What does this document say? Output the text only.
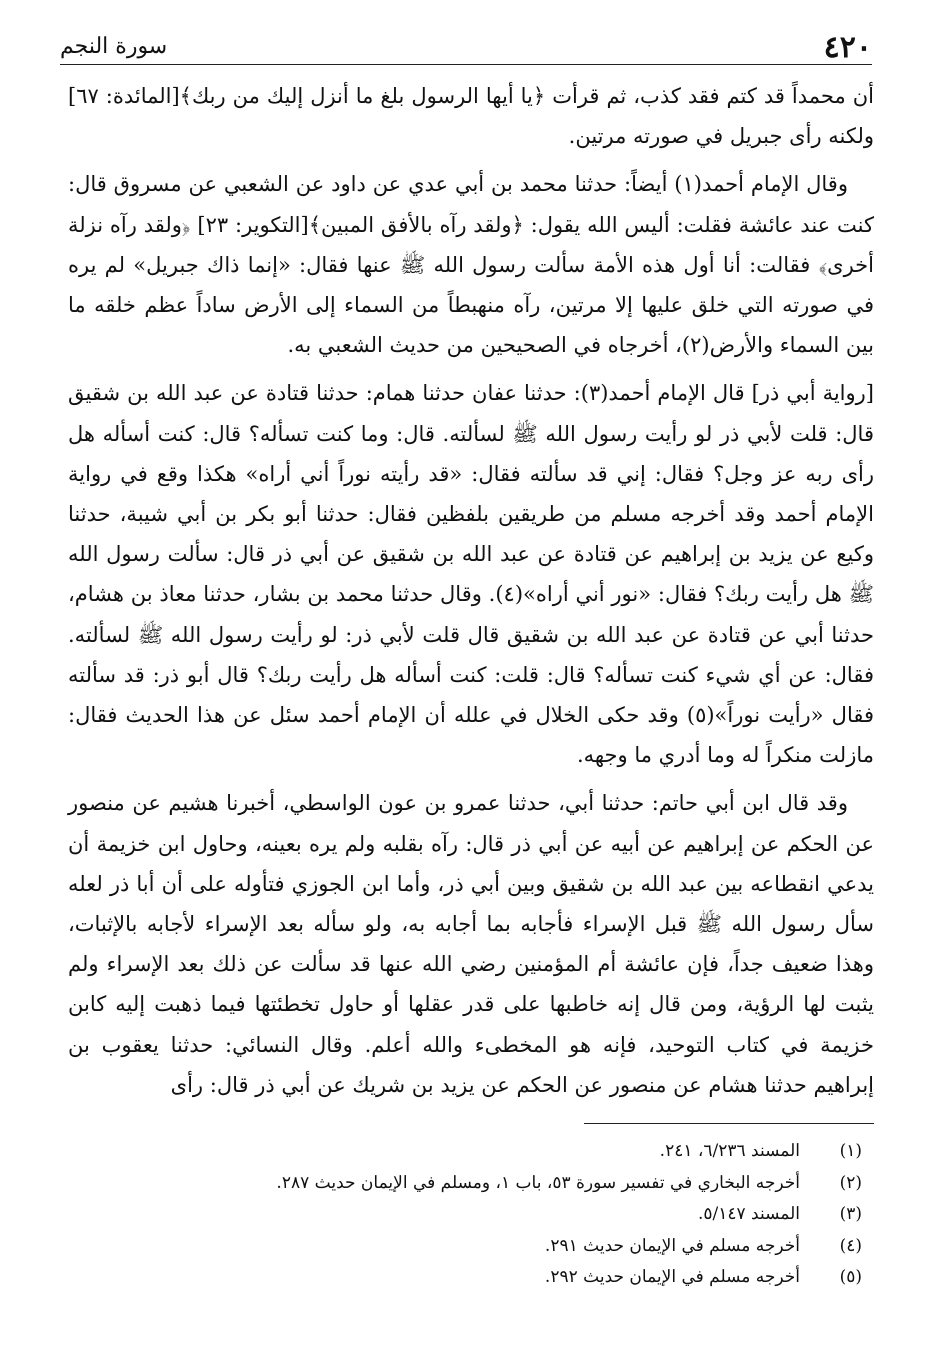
٤٢٠
سورة النجم

أن محمداً قد كتم فقد كذب، ثم قرأت ﴿يا أيها الرسول بلغ ما أنزل إليك من ربك﴾[المائدة: ٦٧] ولكنه رأى جبريل في صورته مرتين.

وقال الإمام أحمد(١) أيضاً: حدثنا محمد بن أبي عدي عن داود عن الشعبي عن مسروق قال: كنت عند عائشة فقلت: أليس الله يقول: ﴿ولقد رآه بالأفق المبين﴾[التكوير: ٢٣] ﴿ولقد رآه نزلة أخرى﴾ فقالت: أنا أول هذه الأمة سألت رسول الله ﷺ عنها فقال: «إنما ذاك جبريل» لم يره في صورته التي خلق عليها إلا مرتين، رآه منهبطاً من السماء إلى الأرض ساداً عظم خلقه ما بين السماء والأرض(٢)، أخرجاه في الصحيحين من حديث الشعبي به.

[رواية أبي ذر] قال الإمام أحمد(٣): حدثنا عفان حدثنا همام: حدثنا قتادة عن عبد الله بن شقيق قال: قلت لأبي ذر لو رأيت رسول الله ﷺ لسألته. قال: وما كنت تسأله؟ قال: كنت أسأله هل رأى ربه عز وجل؟ فقال: إني قد سألته فقال: «قد رأيته نوراً أني أراه» هكذا وقع في رواية الإمام أحمد وقد أخرجه مسلم من طريقين بلفظين فقال: حدثنا أبو بكر بن أبي شيبة، حدثنا وكيع عن يزيد بن إبراهيم عن قتادة عن عبد الله بن شقيق عن أبي ذر قال: سألت رسول الله ﷺ هل رأيت ربك؟ فقال: «نور أني أراه»(٤). وقال حدثنا محمد بن بشار، حدثنا معاذ بن هشام، حدثنا أبي عن قتادة عن عبد الله بن شقيق قال قلت لأبي ذر: لو رأيت رسول الله ﷺ لسألته. فقال: عن أي شيء كنت تسأله؟ قال: قلت: كنت أسأله هل رأيت ربك؟ قال أبو ذر: قد سألته فقال «رأيت نوراً»(٥) وقد حكى الخلال في علله أن الإمام أحمد سئل عن هذا الحديث فقال: مازلت منكراً له وما أدري ما وجهه.

وقد قال ابن أبي حاتم: حدثنا أبي، حدثنا عمرو بن عون الواسطي، أخبرنا هشيم عن منصور عن الحكم عن إبراهيم عن أبيه عن أبي ذر قال: رآه بقلبه ولم يره بعينه، وحاول ابن خزيمة أن يدعي انقطاعه بين عبد الله بن شقيق وبين أبي ذر، وأما ابن الجوزي فتأوله على أن أبا ذر لعله سأل رسول الله ﷺ قبل الإسراء فأجابه بما أجابه به، ولو سأله بعد الإسراء لأجابه بالإثبات، وهذا ضعيف جداً، فإن عائشة أم المؤمنين رضي الله عنها قد سألت عن ذلك بعد الإسراء ولم يثبت لها الرؤية، ومن قال إنه خاطبها على قدر عقلها أو حاول تخطئتها فيما ذهبت إليه كابن خزيمة في كتاب التوحيد، فإنه هو المخطىء والله أعلم. وقال النسائي: حدثنا يعقوب بن إبراهيم حدثنا هشام عن منصور عن الحكم عن يزيد بن شريك عن أبي ذر قال: رأى

(١)
المسند ٦/٢٣٦، ٢٤١.
(٢)
أخرجه البخاري في تفسير سورة ٥٣، باب ١، ومسلم في الإيمان حديث ٢٨٧.
(٣)
المسند ٥/١٤٧.
(٤)
أخرجه مسلم في الإيمان حديث ٢٩١.
(٥)
أخرجه مسلم في الإيمان حديث ٢٩٢.
